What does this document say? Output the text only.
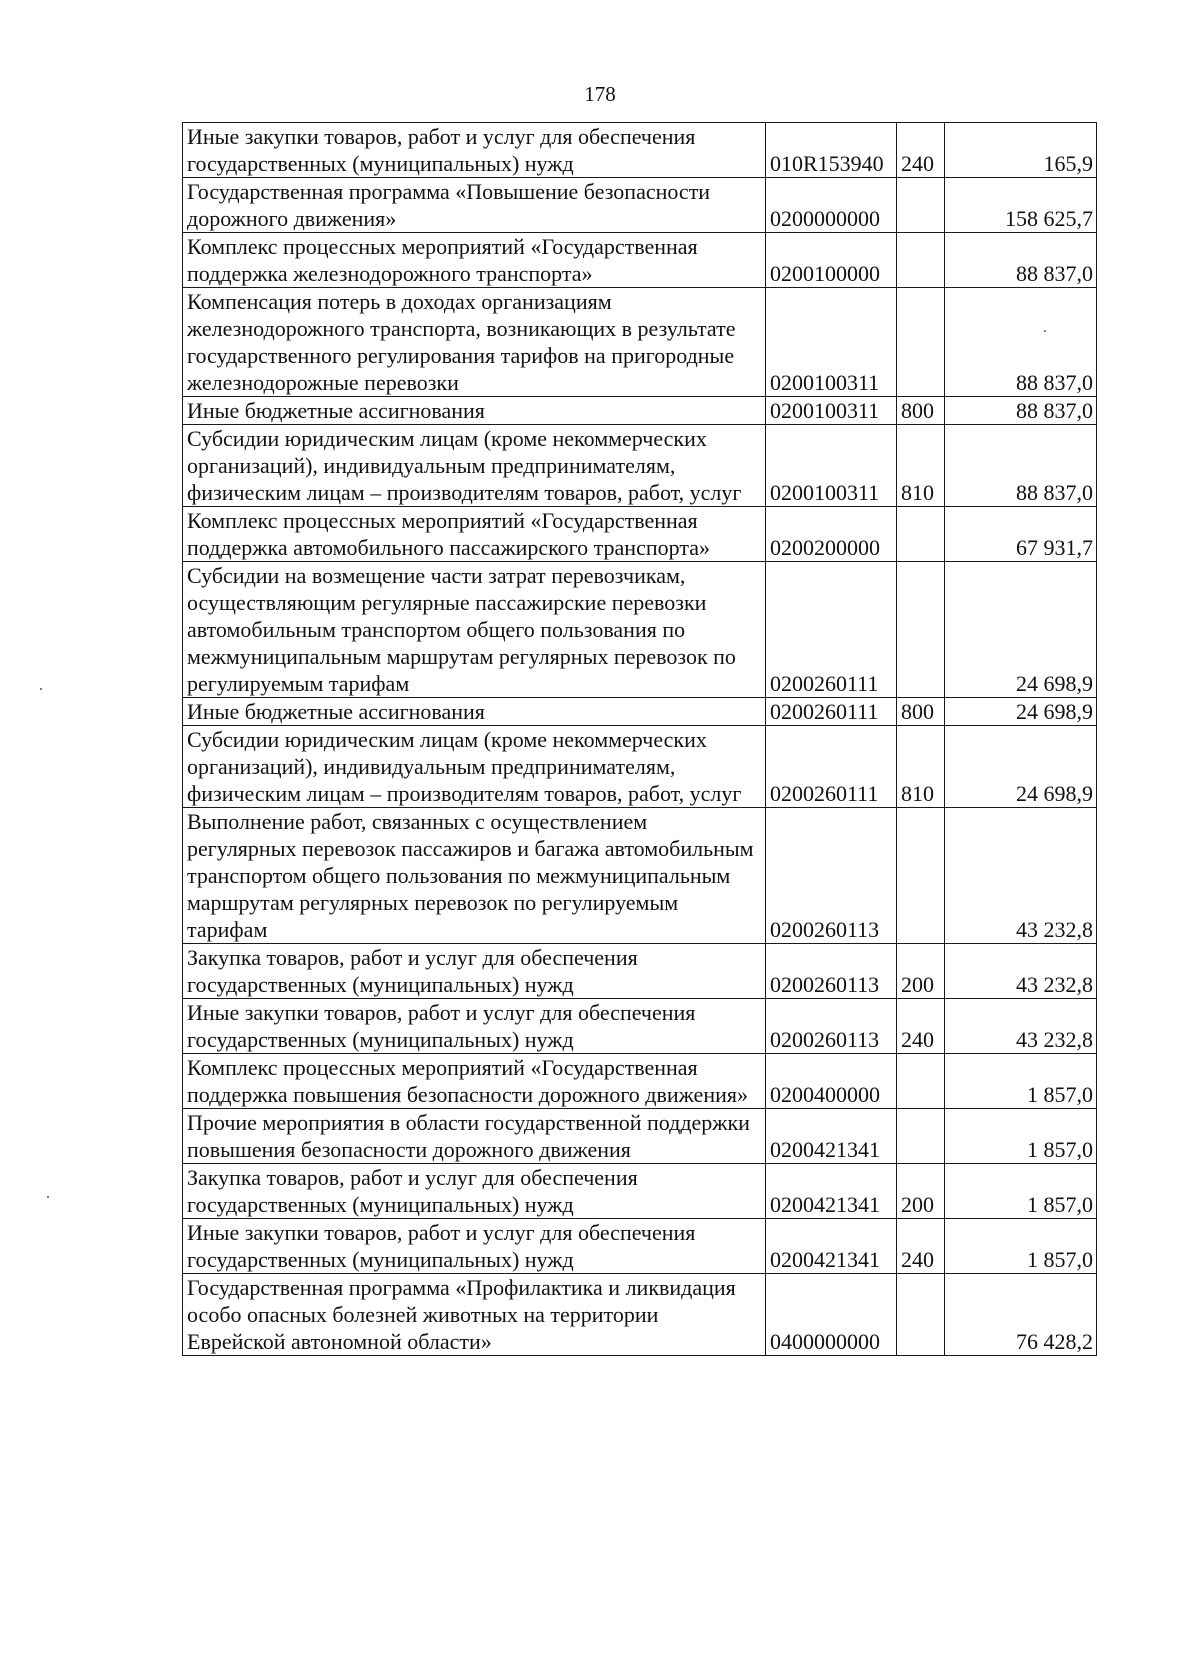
178
Иные закупки товаров, работ и услуг для обеспечения государственных (муниципальных) нужд	010R153940	240	165,9
Государственная программа «Повышение безопасности дорожного движения»	0200000000		158 625,7
Комплекс процессных мероприятий «Государственная поддержка железнодорожного транспорта»	0200100000		88 837,0
Компенсация потерь в доходах организациям железнодорожного транспорта, возникающих в результате государственного регулирования тарифов на пригородные железнодорожные перевозки	0200100311		88 837,0
Иные бюджетные ассигнования	0200100311	800	88 837,0
Субсидии юридическим лицам (кроме некоммерческих организаций), индивидуальным предпринимателям, физическим лицам – производителям товаров, работ, услуг	0200100311	810	88 837,0
Комплекс процессных мероприятий «Государственная поддержка автомобильного пассажирского транспорта»	0200200000		67 931,7
Субсидии на возмещение части затрат перевозчикам, осуществляющим регулярные пассажирские перевозки автомобильным транспортом общего пользования по межмуниципальным маршрутам регулярных перевозок по регулируемым тарифам	0200260111		24 698,9
Иные бюджетные ассигнования	0200260111	800	24 698,9
Субсидии юридическим лицам (кроме некоммерческих организаций), индивидуальным предпринимателям, физическим лицам – производителям товаров, работ, услуг	0200260111	810	24 698,9
Выполнение работ, связанных с осуществлением регулярных перевозок пассажиров и багажа автомобильным транспортом общего пользования по межмуниципальным маршрутам регулярных перевозок по регулируемым тарифам	0200260113		43 232,8
Закупка товаров, работ и услуг для обеспечения государственных (муниципальных) нужд	0200260113	200	43 232,8
Иные закупки товаров, работ и услуг для обеспечения государственных (муниципальных) нужд	0200260113	240	43 232,8
Комплекс процессных мероприятий «Государственная поддержка повышения безопасности дорожного движения»	0200400000		1 857,0
Прочие мероприятия в области государственной поддержки повышения безопасности дорожного движения	0200421341		1 857,0
Закупка товаров, работ и услуг для обеспечения государственных (муниципальных) нужд	0200421341	200	1 857,0
Иные закупки товаров, работ и услуг для обеспечения государственных (муниципальных) нужд	0200421341	240	1 857,0
Государственная программа «Профилактика и ликвидация особо опасных болезней животных на территории Еврейской автономной области»	0400000000		76 428,2
